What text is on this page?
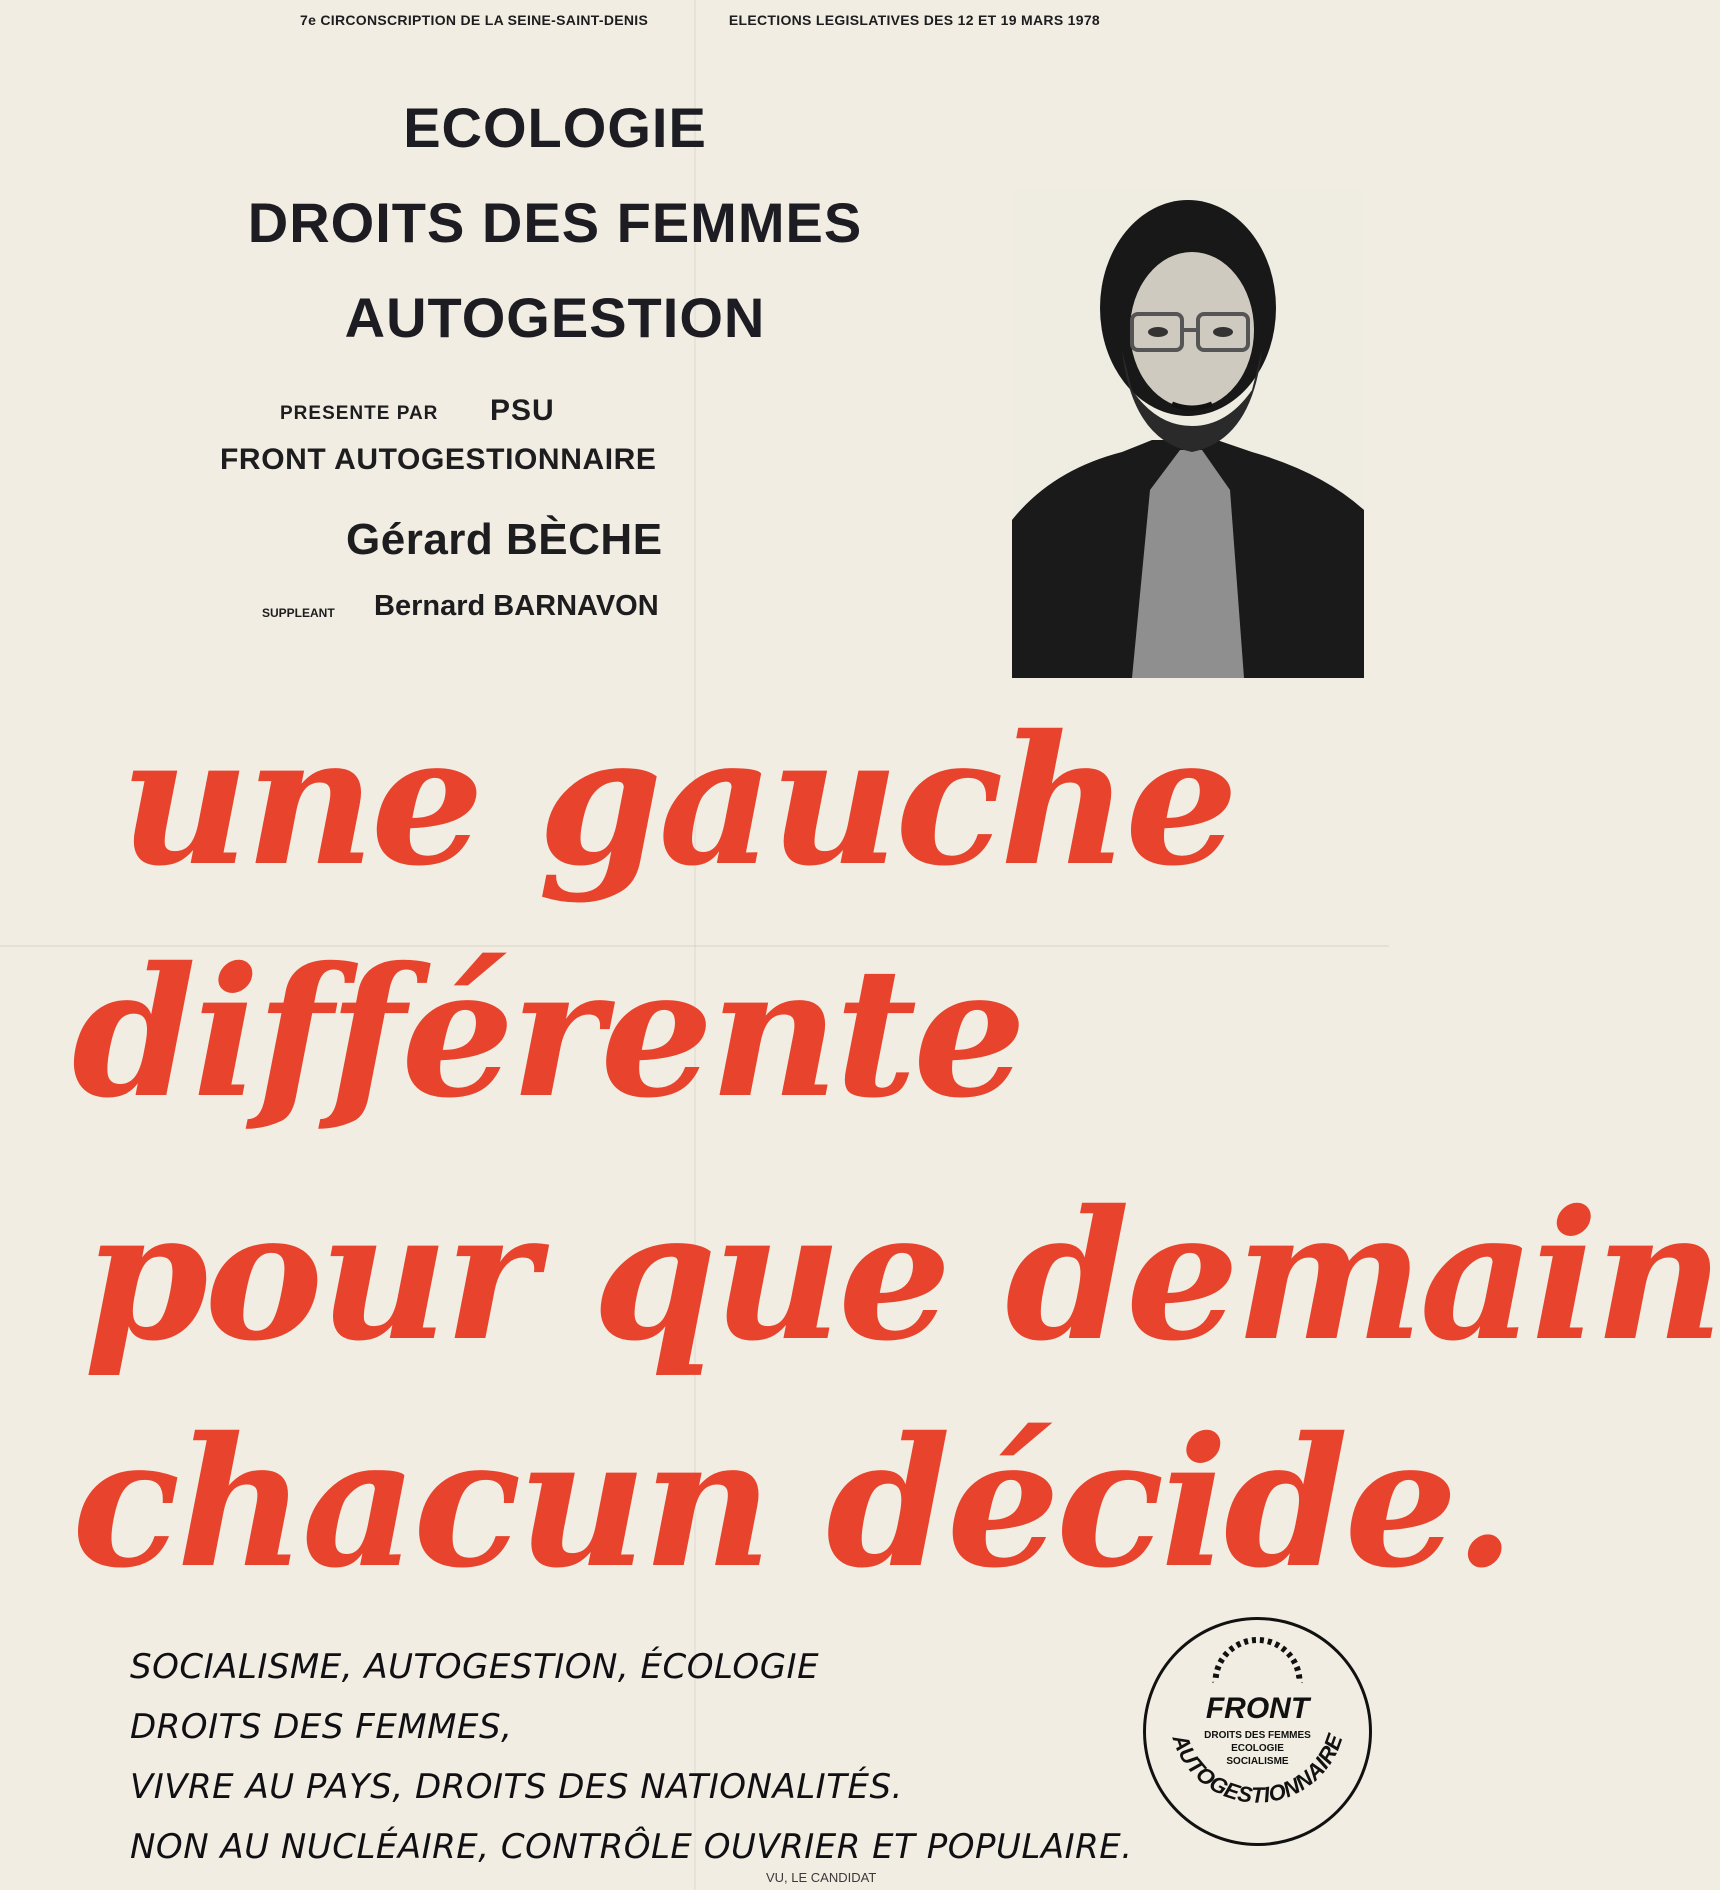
7e CIRCONSCRIPTION DE LA SEINE-SAINT-DENIS	ELECTIONS LEGISLATIVES DES 12 ET 19 MARS 1978
ECOLOGIE
DROITS DES FEMMES
AUTOGESTION
PRESENTE PAR PSU
FRONT AUTOGESTIONNAIRE
Gérard BÈCHE
SUPPLEANT Bernard BARNAVON
une gauche
différente
pour que demain
chacun décide.
SOCIALISME, AUTOGESTION, ÉCOLOGIE
DROITS DES FEMMES,
VIVRE AU PAYS, DROITS DES NATIONALITÉS.
NON AU NUCLÉAIRE, CONTRÔLE OUVRIER ET POPULAIRE.
VU, LE CANDIDAT
FRONT
DROITS DES FEMMES
ECOLOGIE
SOCIALISME
AUTOGESTIONNAIRE
